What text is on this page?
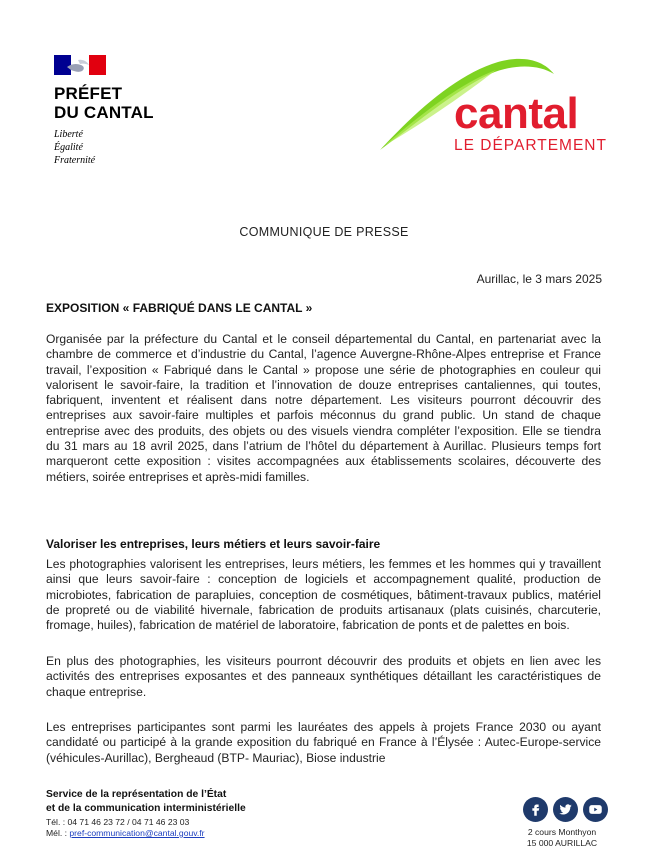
PRÉFET
DU CANTAL
Liberté
Égalité
Fraternité
cantal
LE DÉPARTEMENT
COMMUNIQUE DE PRESSE
Aurillac, le 3 mars 2025
EXPOSITION « FABRIQUÉ DANS LE CANTAL »

Organisée par la préfecture du Cantal et le conseil départemental du Cantal, en partenariat avec la chambre de commerce et d’industrie du Cantal, l’agence Auvergne-Rhône-Alpes entreprise et France travail, l’exposition « Fabriqué dans le Cantal » propose une série de photographies en couleur qui valorisent le savoir-faire, la tradition et l’innovation de douze entreprises cantaliennes, qui toutes, fabriquent, inventent et réalisent dans notre département. Les visiteurs pourront découvrir des entreprises aux savoir-faire multiples et parfois méconnus du grand public. Un stand de chaque entreprise avec des produits, des objets ou des visuels viendra compléter l’exposition. Elle se tiendra du 31 mars au 18 avril 2025, dans l’atrium de l’hôtel du département à Aurillac. Plusieurs temps fort marqueront cette exposition : visites accompagnées aux établissements scolaires, découverte des métiers, soirée entreprises et après-midi familles.

Valoriser les entreprises, leurs métiers et leurs savoir-faire

Les photographies valorisent les entreprises, leurs métiers, les femmes et les hommes qui y travaillent ainsi que leurs savoir-faire : conception de logiciels et accompagnement qualité, production de microbiotes, fabrication de parapluies, conception de cosmétiques, bâtiment-travaux publics, matériel de propreté ou de viabilité hivernale, fabrication de produits artisanaux (plats cuisinés, charcuterie, fromage, huiles), fabrication de matériel de laboratoire, fabrication de ponts et de palettes en bois.

En plus des photographies, les visiteurs pourront découvrir des produits et objets en lien avec les activités des entreprises exposantes et des panneaux synthétiques détaillant les caractéristiques de chaque entreprise.

Les entreprises participantes sont parmi les lauréates des appels à projets France 2030 ou ayant candidaté ou participé à la grande exposition du fabriqué en France à l’Élysée : Autec-Europe-service (véhicules-Aurillac), Bergheaud (BTP- Mauriac), Biose industrie

Service de la représentation de l’État
et de la communication interministérielle
Tél. : 04 71 46 23 72 / 04 71 46 23 03
Mél. : pref-communication@cantal.gouv.fr	2 cours Monthyon
15 000 AURILLAC
